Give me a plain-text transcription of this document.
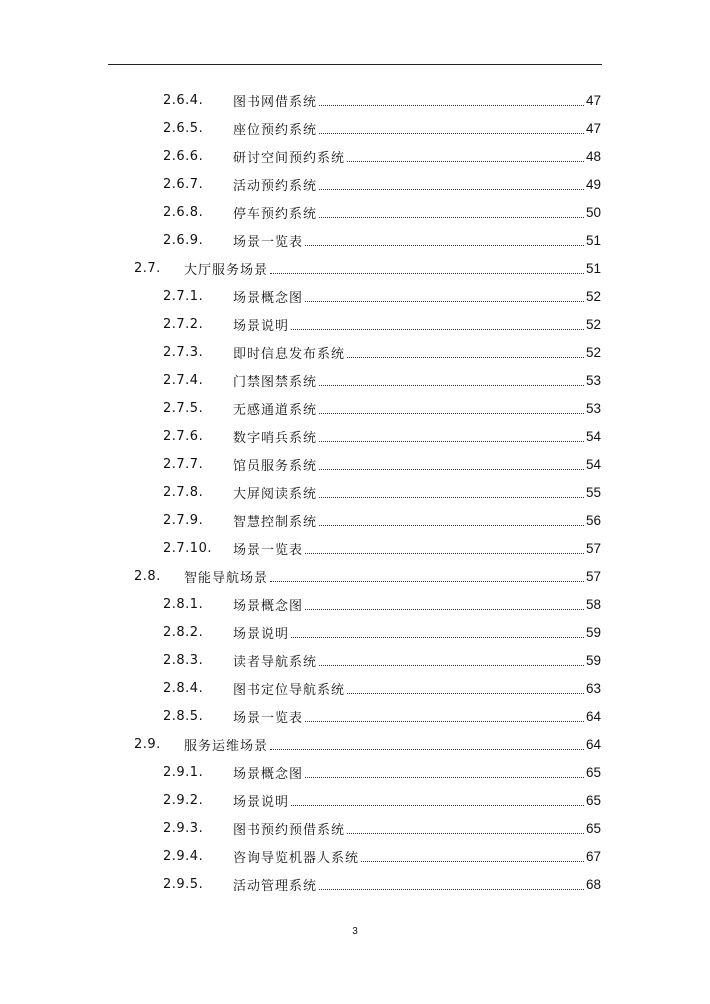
2.6.4.	图书网借系统	47
2.6.5.	座位预约系统	47
2.6.6.	研讨空间预约系统	48
2.6.7.	活动预约系统	49
2.6.8.	停车预约系统	50
2.6.9.	场景一览表	51
2.7.	大厅服务场景	51
2.7.1.	场景概念图	52
2.7.2.	场景说明	52
2.7.3.	即时信息发布系统	52
2.7.4.	门禁图禁系统	53
2.7.5.	无感通道系统	53
2.7.6.	数字哨兵系统	54
2.7.7.	馆员服务系统	54
2.7.8.	大屏阅读系统	55
2.7.9.	智慧控制系统	56
2.7.10.	场景一览表	57
2.8.	智能导航场景	57
2.8.1.	场景概念图	58
2.8.2.	场景说明	59
2.8.3.	读者导航系统	59
2.8.4.	图书定位导航系统	63
2.8.5.	场景一览表	64
2.9.	服务运维场景	64
2.9.1.	场景概念图	65
2.9.2.	场景说明	65
2.9.3.	图书预约预借系统	65
2.9.4.	咨询导览机器人系统	67
2.9.5.	活动管理系统	68
3
